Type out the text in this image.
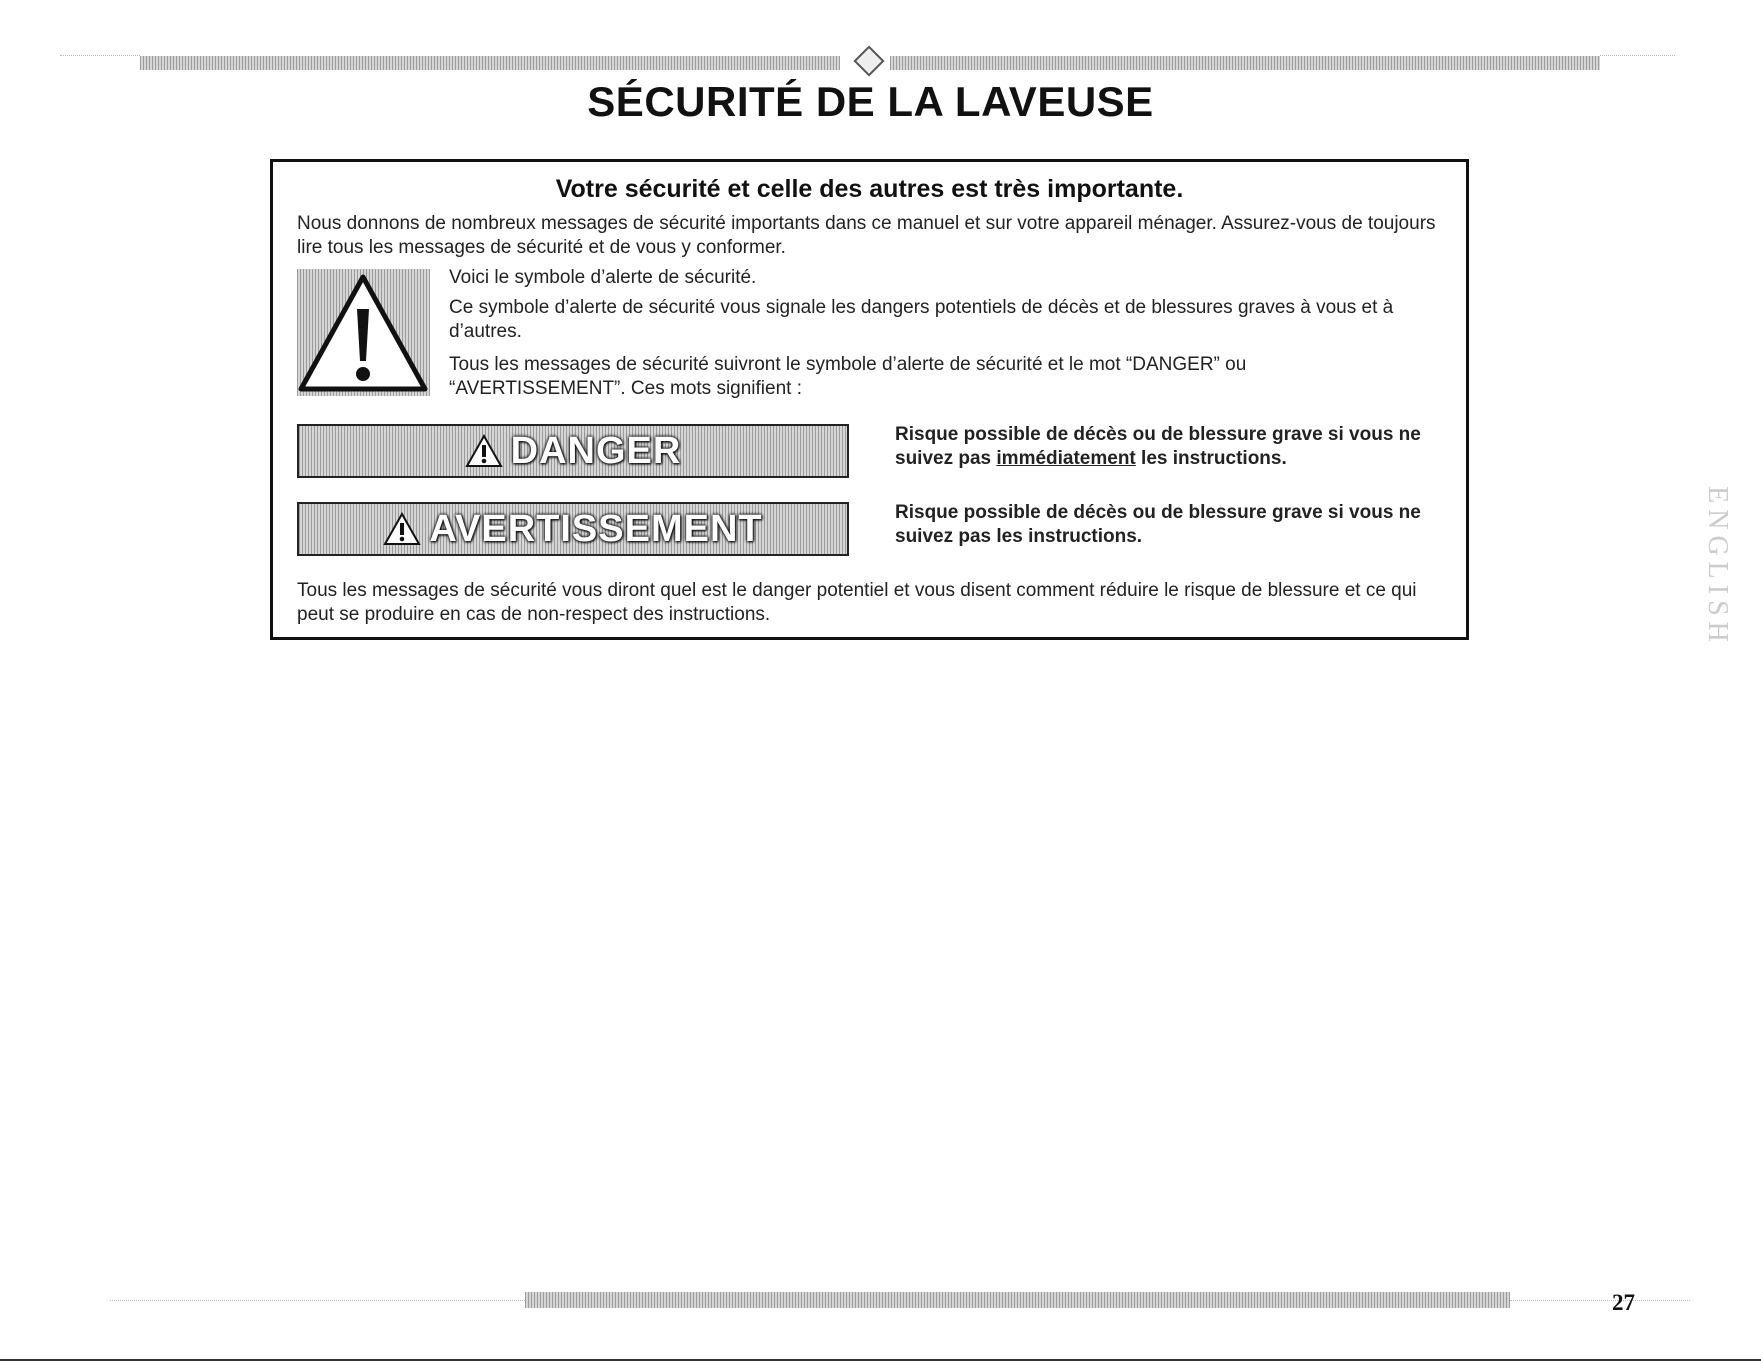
SÉCURITÉ DE LA LAVEUSE
Votre sécurité et celle des autres est très importante.
Nous donnons de nombreux messages de sécurité importants dans ce manuel et sur votre appareil ménager. Assurez-vous de toujours lire tous les messages de sécurité et de vous y conformer.
Voici le symbole d’alerte de sécurité.
Ce symbole d’alerte de sécurité vous signale les dangers potentiels de décès et de blessures graves à vous et à d’autres.
Tous les messages de sécurité suivront le symbole d’alerte de sécurité et le mot “DANGER” ou “AVERTISSEMENT”. Ces mots signifient :
DANGER	Risque possible de décès ou de blessure grave si vous ne suivez pas immédiatement les instructions.
AVERTISSEMENT	Risque possible de décès ou de blessure grave si vous ne suivez pas les instructions.
Tous les messages de sécurité vous diront quel est le danger potentiel et vous disent comment réduire le risque de blessure et ce qui peut se produire en cas de non-respect des instructions.	ENGLISH
27
